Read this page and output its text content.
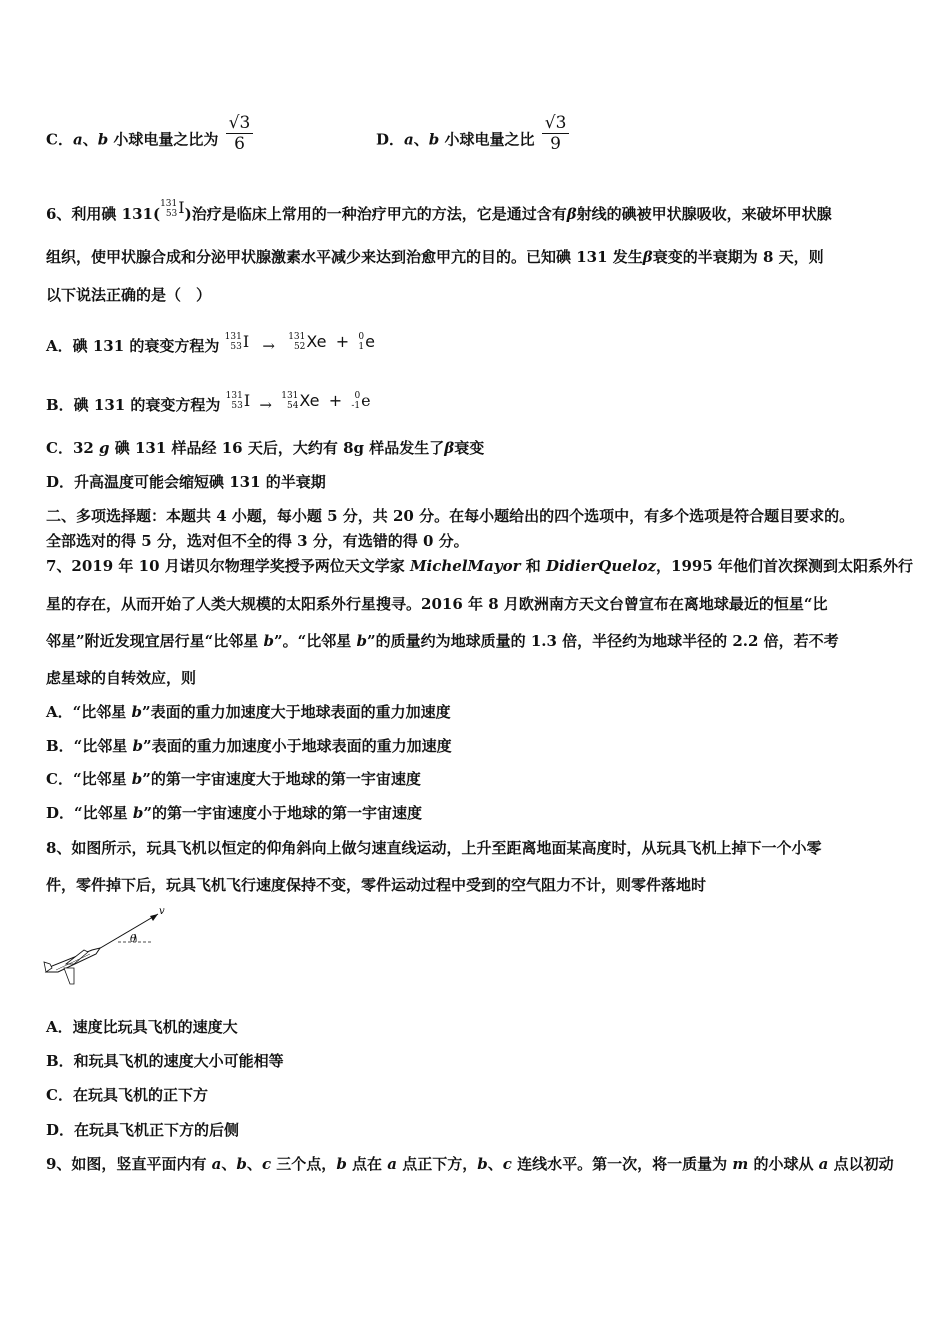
C．a、b 小球电量之比为 $\frac{√3}{6}$	D．a、b 小球电量之比 $\frac{√3}{9}$
6、利用碘 131(
131
53 I)治疗是临床上常用的一种治疗甲亢的方法，它是通过含有β射线的碘被甲状腺吸收，来破坏甲状腺
组织，使甲状腺合成和分泌甲状腺激素水平减少来达到治愈甲亢的目的。已知碘 131 发生β衰变的半衰期为 8 天，则
以下说法正确的是（　）
A．碘 131 的衰变方程为 131
53 I → 131
52 Xe + 0
1 e
B．碘 131 的衰变方程为 131
53 I → 131
54 Xe +	0
-1 e
C．32 g 碘 131 样品经 16 天后，大约有 8g 样品发生了β衰变
D．升高温度可能会缩短碘 131 的半衰期
二、多项选择题：本题共 4 小题，每小题 5 分，共 20 分。在每小题给出的四个选项中，有多个选项是符合题目要求的。
全部选对的得 5 分，选对但不全的得 3 分，有选错的得 0 分。
7、2019 年 10 月诺贝尔物理学奖授予两位天文学家 MichelMayor 和 DidierQueloz，1995 年他们首次探测到太阳系外行
星的存在，从而开始了人类大规模的太阳系外行星搜寻。2016 年 8 月欧洲南方天文台曾宣布在离地球最近的恒星“比
邻星”附近发现宜居行星“比邻星 b”。“比邻星 b”的质量约为地球质量的 1.3 倍，半径约为地球半径的 2.2 倍，若不考
虑星球的自转效应，则
A．“比邻星 b”表面的重力加速度大于地球表面的重力加速度
B．“比邻星 b”表面的重力加速度小于地球表面的重力加速度
C．“比邻星 b”的第一宇宙速度大于地球的第一宇宙速度
D．“比邻星 b”的第一宇宙速度小于地球的第一宇宙速度
8、如图所示，玩具飞机以恒定的仰角斜向上做匀速直线运动，上升至距离地面某高度时，从玩具飞机上掉下一个小零
件，零件掉下后，玩具飞机飞行速度保持不变，零件运动过程中受到的空气阻力不计，则零件落地时
v
θ
A．速度比玩具飞机的速度大
B．和玩具飞机的速度大小可能相等
C．在玩具飞机的正下方
D．在玩具飞机正下方的后侧
9、如图，竖直平面内有 a、b、c 三个点，b 点在 a 点正下方，b、c 连线水平。第一次，将一质量为 m 的小球从 a 点以初动
